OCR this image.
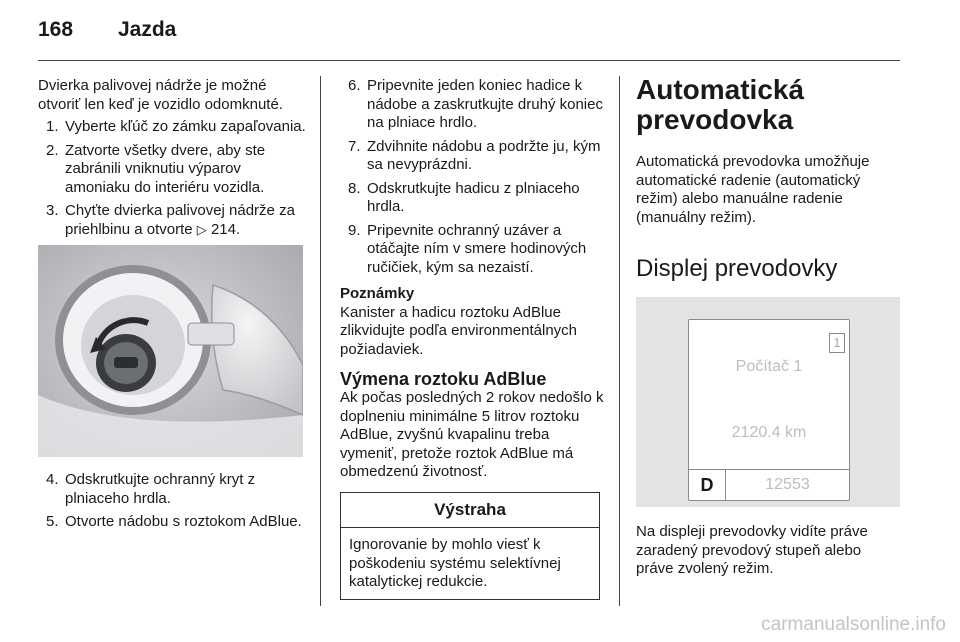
168 Jazda

Dvierka palivovej nádrže je možné otvoriť len keď je vozidlo odomknuté.

1. Vyberte kľúč zo zámku zapaľovania.
2. Zatvorte všetky dvere, aby ste zabránili vniknutiu výparov amoniaku do interiéru vozidla.
3. Chyťte dvierka palivovej nádrže za priehlbinu a otvorte ▷ 214.
4. Odskrutkujte ochranný kryt z plniaceho hrdla.
5. Otvorte nádobu s roztokom AdBlue.
6. Pripevnite jeden koniec hadice k nádobe a zaskrutkujte druhý koniec na plniace hrdlo.
7. Zdvihnite nádobu a podržte ju, kým sa nevyprázdni.
8. Odskrutkujte hadicu z plniaceho hrdla.
9. Pripevnite ochranný uzáver a otáčajte ním v smere hodinových ručičiek, kým sa nezaistí.

Poznámky

Kanister a hadicu roztoku AdBlue zlikvidujte podľa environmentálnych požiadaviek.

Výmena roztoku AdBlue

Ak počas posledných 2 rokov nedošlo k doplneniu minimálne 5 litrov roztoku AdBlue, zvyšnú kvapalinu treba vymeniť, pretože roztok AdBlue má obmedzenú životnosť.

Výstraha
Ignorovanie by mohlo viesť k poškodeniu systému selektívnej katalytickej redukcie.
Automatická prevodovka

Automatická prevodovka umožňuje automatické radenie (automatický režim) alebo manuálne radenie (manuálny režim).

Displej prevodovky
1
Počítač 1
2120.4 km
D	12553

Na displeji prevodovky vidíte práve zaradený prevodový stupeň alebo práve zvolený režim.

carmanualsonline.info
